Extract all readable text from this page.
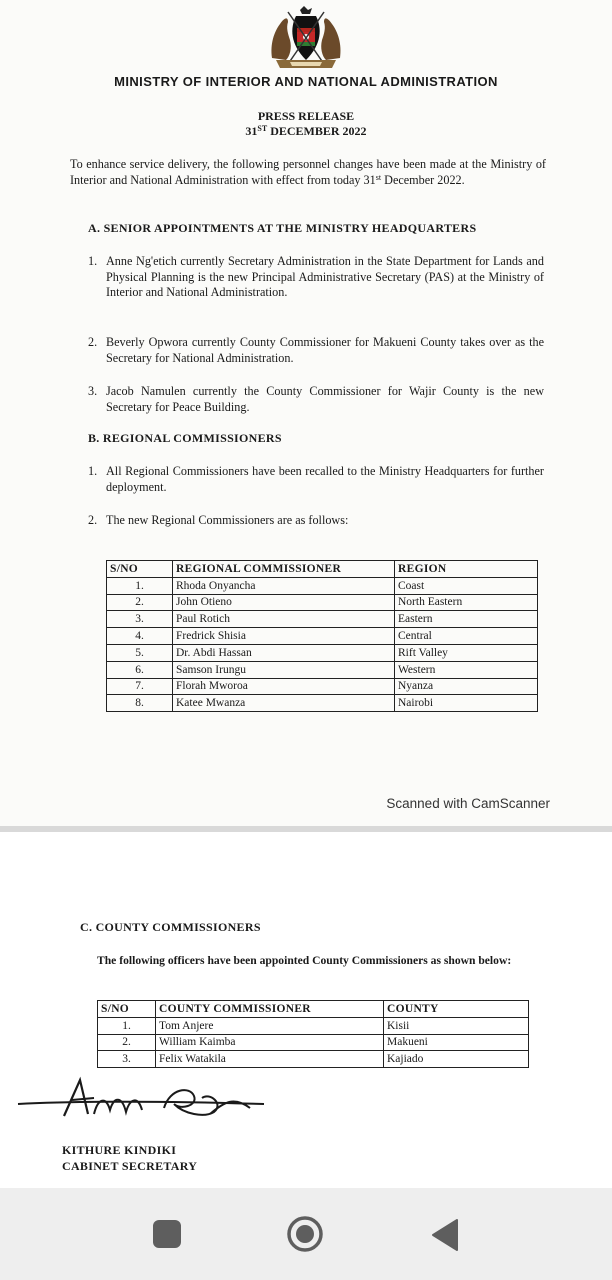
MINISTRY OF INTERIOR AND NATIONAL ADMINISTRATION
PRESS RELEASE
31ST DECEMBER 2022
To enhance service delivery, the following personnel changes have been made at the Ministry of Interior and National Administration with effect from today 31st December 2022.
A. SENIOR APPOINTMENTS AT THE MINISTRY HEADQUARTERS
1. Anne Ng'etich currently Secretary Administration in the State Department for Lands and Physical Planning is the new Principal Administrative Secretary (PAS) at the Ministry of Interior and National Administration.
2. Beverly Opwora currently County Commissioner for Makueni County takes over as the Secretary for National Administration.
3. Jacob Namulen currently the County Commissioner for Wajir County is the new Secretary for Peace Building.
B. REGIONAL COMMISSIONERS
1. All Regional Commissioners have been recalled to the Ministry Headquarters for further deployment.
2. The new Regional Commissioners are as follows:
S/NO	REGIONAL COMMISSIONER	REGION
1.	Rhoda Onyancha	Coast
2.	John Otieno	North Eastern
3.	Paul Rotich	Eastern
4.	Fredrick Shisia	Central
5.	Dr. Abdi Hassan	Rift Valley
6.	Samson Irungu	Western
7.	Florah Mworoa	Nyanza
8.	Katee Mwanza	Nairobi
Scanned with CamScanner
C. COUNTY COMMISSIONERS
The following officers have been appointed County Commissioners as shown below:
S/NO	COUNTY COMMISSIONER	COUNTY
1.	Tom Anjere	Kisii
2.	William Kaimba	Makueni
3.	Felix Watakila	Kajiado
KITHURE KINDIKI
CABINET SECRETARY
